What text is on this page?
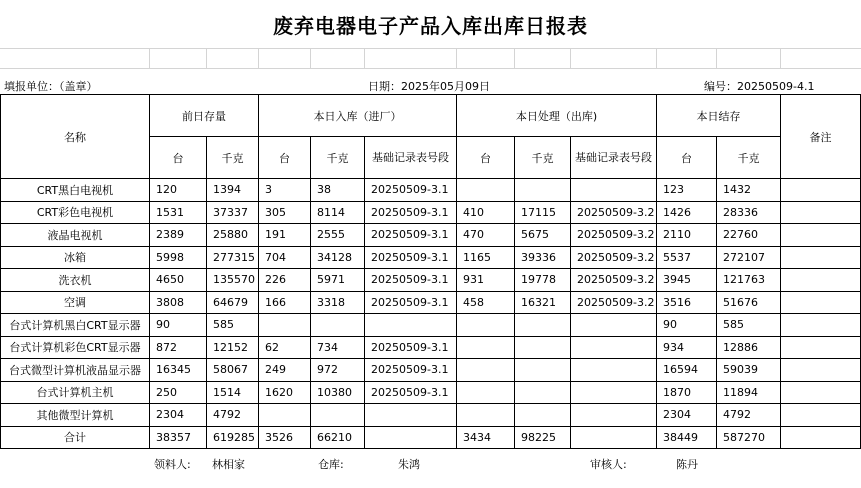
废弃电器电子产品入库出库日报表
填报单位：（盖章）	日期：2025年05月09日	编号：20250509-4.1
名称	前日存量		本日入库（进厂）			本日处理（出库)			本日结存		备注
	台	千克	台	千克	基础记录表号段	台	千克	基础记录表号段	台	千克	
CRT黑白电视机	120	1394	3	38	20250509-3.1				123	1432	
CRT彩色电视机	1531	37337	305	8114	20250509-3.1	410	17115	20250509-3.2	1426	28336	
液晶电视机	2389	25880	191	2555	20250509-3.1	470	5675	20250509-3.2	2110	22760	
冰箱	5998	277315	704	34128	20250509-3.1	1165	39336	20250509-3.2	5537	272107	
洗衣机	4650	135570	226	5971	20250509-3.1	931	19778	20250509-3.2	3945	121763	
空调	3808	64679	166	3318	20250509-3.1	458	16321	20250509-3.2	3516	51676	
台式计算机黑白CRT显示器	90	585							90	585	
台式计算机彩色CRT显示器	872	12152	62	734	20250509-3.1				934	12886	
台式微型计算机液晶显示器	16345	58067	249	972	20250509-3.1				16594	59039	
台式计算机主机	250	1514	1620	10380	20250509-3.1				1870	11894	
其他微型计算机	2304	4792							2304	4792	
合计	38357	619285	3526	66210		3434	98225		38449	587270	
领料人: 林相家	仓库:	朱鸿	审核人:	陈丹
